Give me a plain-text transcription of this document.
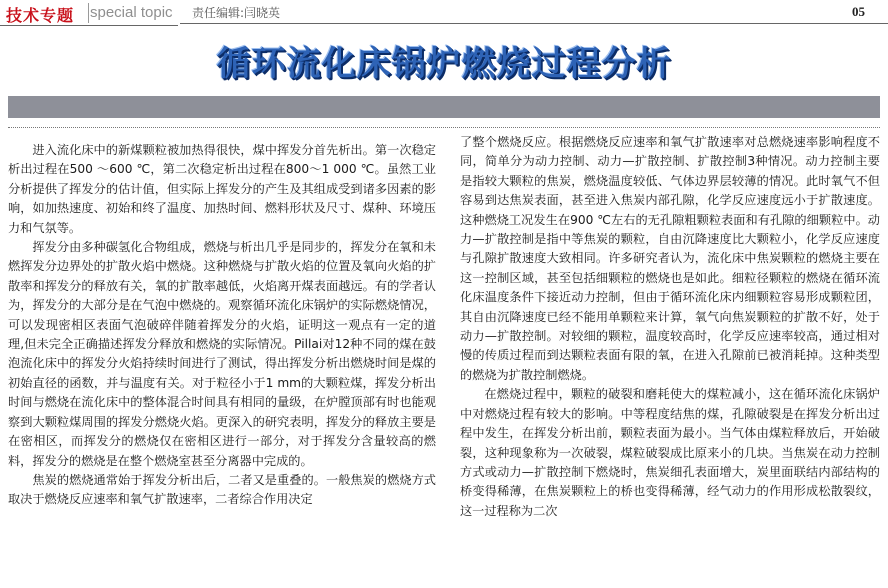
技术专题 special topic 责任编辑:闫晓英	05
循环流化床锅炉燃烧过程分析

进入流化床中的新煤颗粒被加热得很快，煤中挥发分首先析出。第一次稳定析出过程在500 ～600 ℃，第二次稳定析出过程在800～1 000 ℃。虽然工业分析提供了挥发分的估计值，但实际上挥发分的产生及其组成受到诸多因素的影响，如加热速度、初始和终了温度、加热时间、燃料形状及尺寸、煤种、环境压力和气氛等。

挥发分由多种碳氢化合物组成，燃烧与析出几乎是同步的，挥发分在氧和未燃挥发分边界处的扩散火焰中燃烧。这种燃烧与扩散火焰的位置及氧向火焰的扩散率和挥发分的释放有关，氧的扩散率越低，火焰离开煤表面越远。有的学者认为，挥发分的大部分是在气泡中燃烧的。观察循环流化床锅炉的实际燃烧情况，可以发现密相区表面气泡破碎伴随着挥发分的火焰，证明这一观点有一定的道理,但未完全正确描述挥发分释放和燃烧的实际情况。Pillai对12种不同的煤在鼓泡流化床中的挥发分火焰持续时间进行了测试，得出挥发分析出燃烧时间是煤的初始直径的函数，并与温度有关。对于粒径小于1 mm的大颗粒煤，挥发分析出时间与燃烧在流化床中的整体混合时间具有相同的量级，在炉膛顶部有时也能观察到大颗粒煤周围的挥发分燃烧火焰。更深入的研究表明，挥发分的释放主要是在密相区，而挥发分的燃烧仅在密相区进行一部分，对于挥发分含量较高的燃料，挥发分的燃烧是在整个燃烧室甚至分离器中完成的。

焦炭的燃烧通常始于挥发分析出后，二者又是重叠的。一般焦炭的燃烧方式取决于燃烧反应速率和氧气扩散速率，二者综合作用决定

了整个燃烧反应。根据燃烧反应速率和氧气扩散速率对总燃烧速率影响程度不同，简单分为动力控制、动力—扩散控制、扩散控制3种情况。动力控制主要是指较大颗粒的焦炭，燃烧温度较低、气体边界层较薄的情况。此时氧气不但容易到达焦炭表面，甚至进入焦炭内部孔隙，化学反应速度远小于扩散速度。这种燃烧工况发生在900 ℃左右的无孔隙粗颗粒表面和有孔隙的细颗粒中。动力—扩散控制是指中等焦炭的颗粒，自由沉降速度比大颗粒小，化学反应速度与孔隙扩散速度大致相同。许多研究者认为，流化床中焦炭颗粒的燃烧主要在这一控制区域，甚至包括细颗粒的燃烧也是如此。细粒径颗粒的燃烧在循环流化床温度条件下接近动力控制，但由于循环流化床内细颗粒容易形成颗粒团，其自由沉降速度已经不能用单颗粒来计算，氧气向焦炭颗粒的扩散不好，处于动力—扩散控制。对较细的颗粒，温度较高时，化学反应速率较高，通过相对慢的传质过程而到达颗粒表面有限的氧，在进入孔隙前已被消耗掉。这种类型的燃烧为扩散控制燃烧。

在燃烧过程中，颗粒的破裂和磨耗使大的煤粒减小，这在循环流化床锅炉中对燃烧过程有较大的影响。中等程度结焦的煤，孔隙破裂是在挥发分析出过程中发生，在挥发分析出前，颗粒表面为最小。当气体由煤粒释放后，开始破裂，这种现象称为一次破裂，煤粒破裂成比原来小的几块。当焦炭在动力控制方式或动力—扩散控制下燃烧时，焦炭细孔表面增大，炭里面联结内部结构的桥变得稀薄，在焦炭颗粒上的桥也变得稀薄，经气动力的作用形成松散裂纹，这一过程称为二次
